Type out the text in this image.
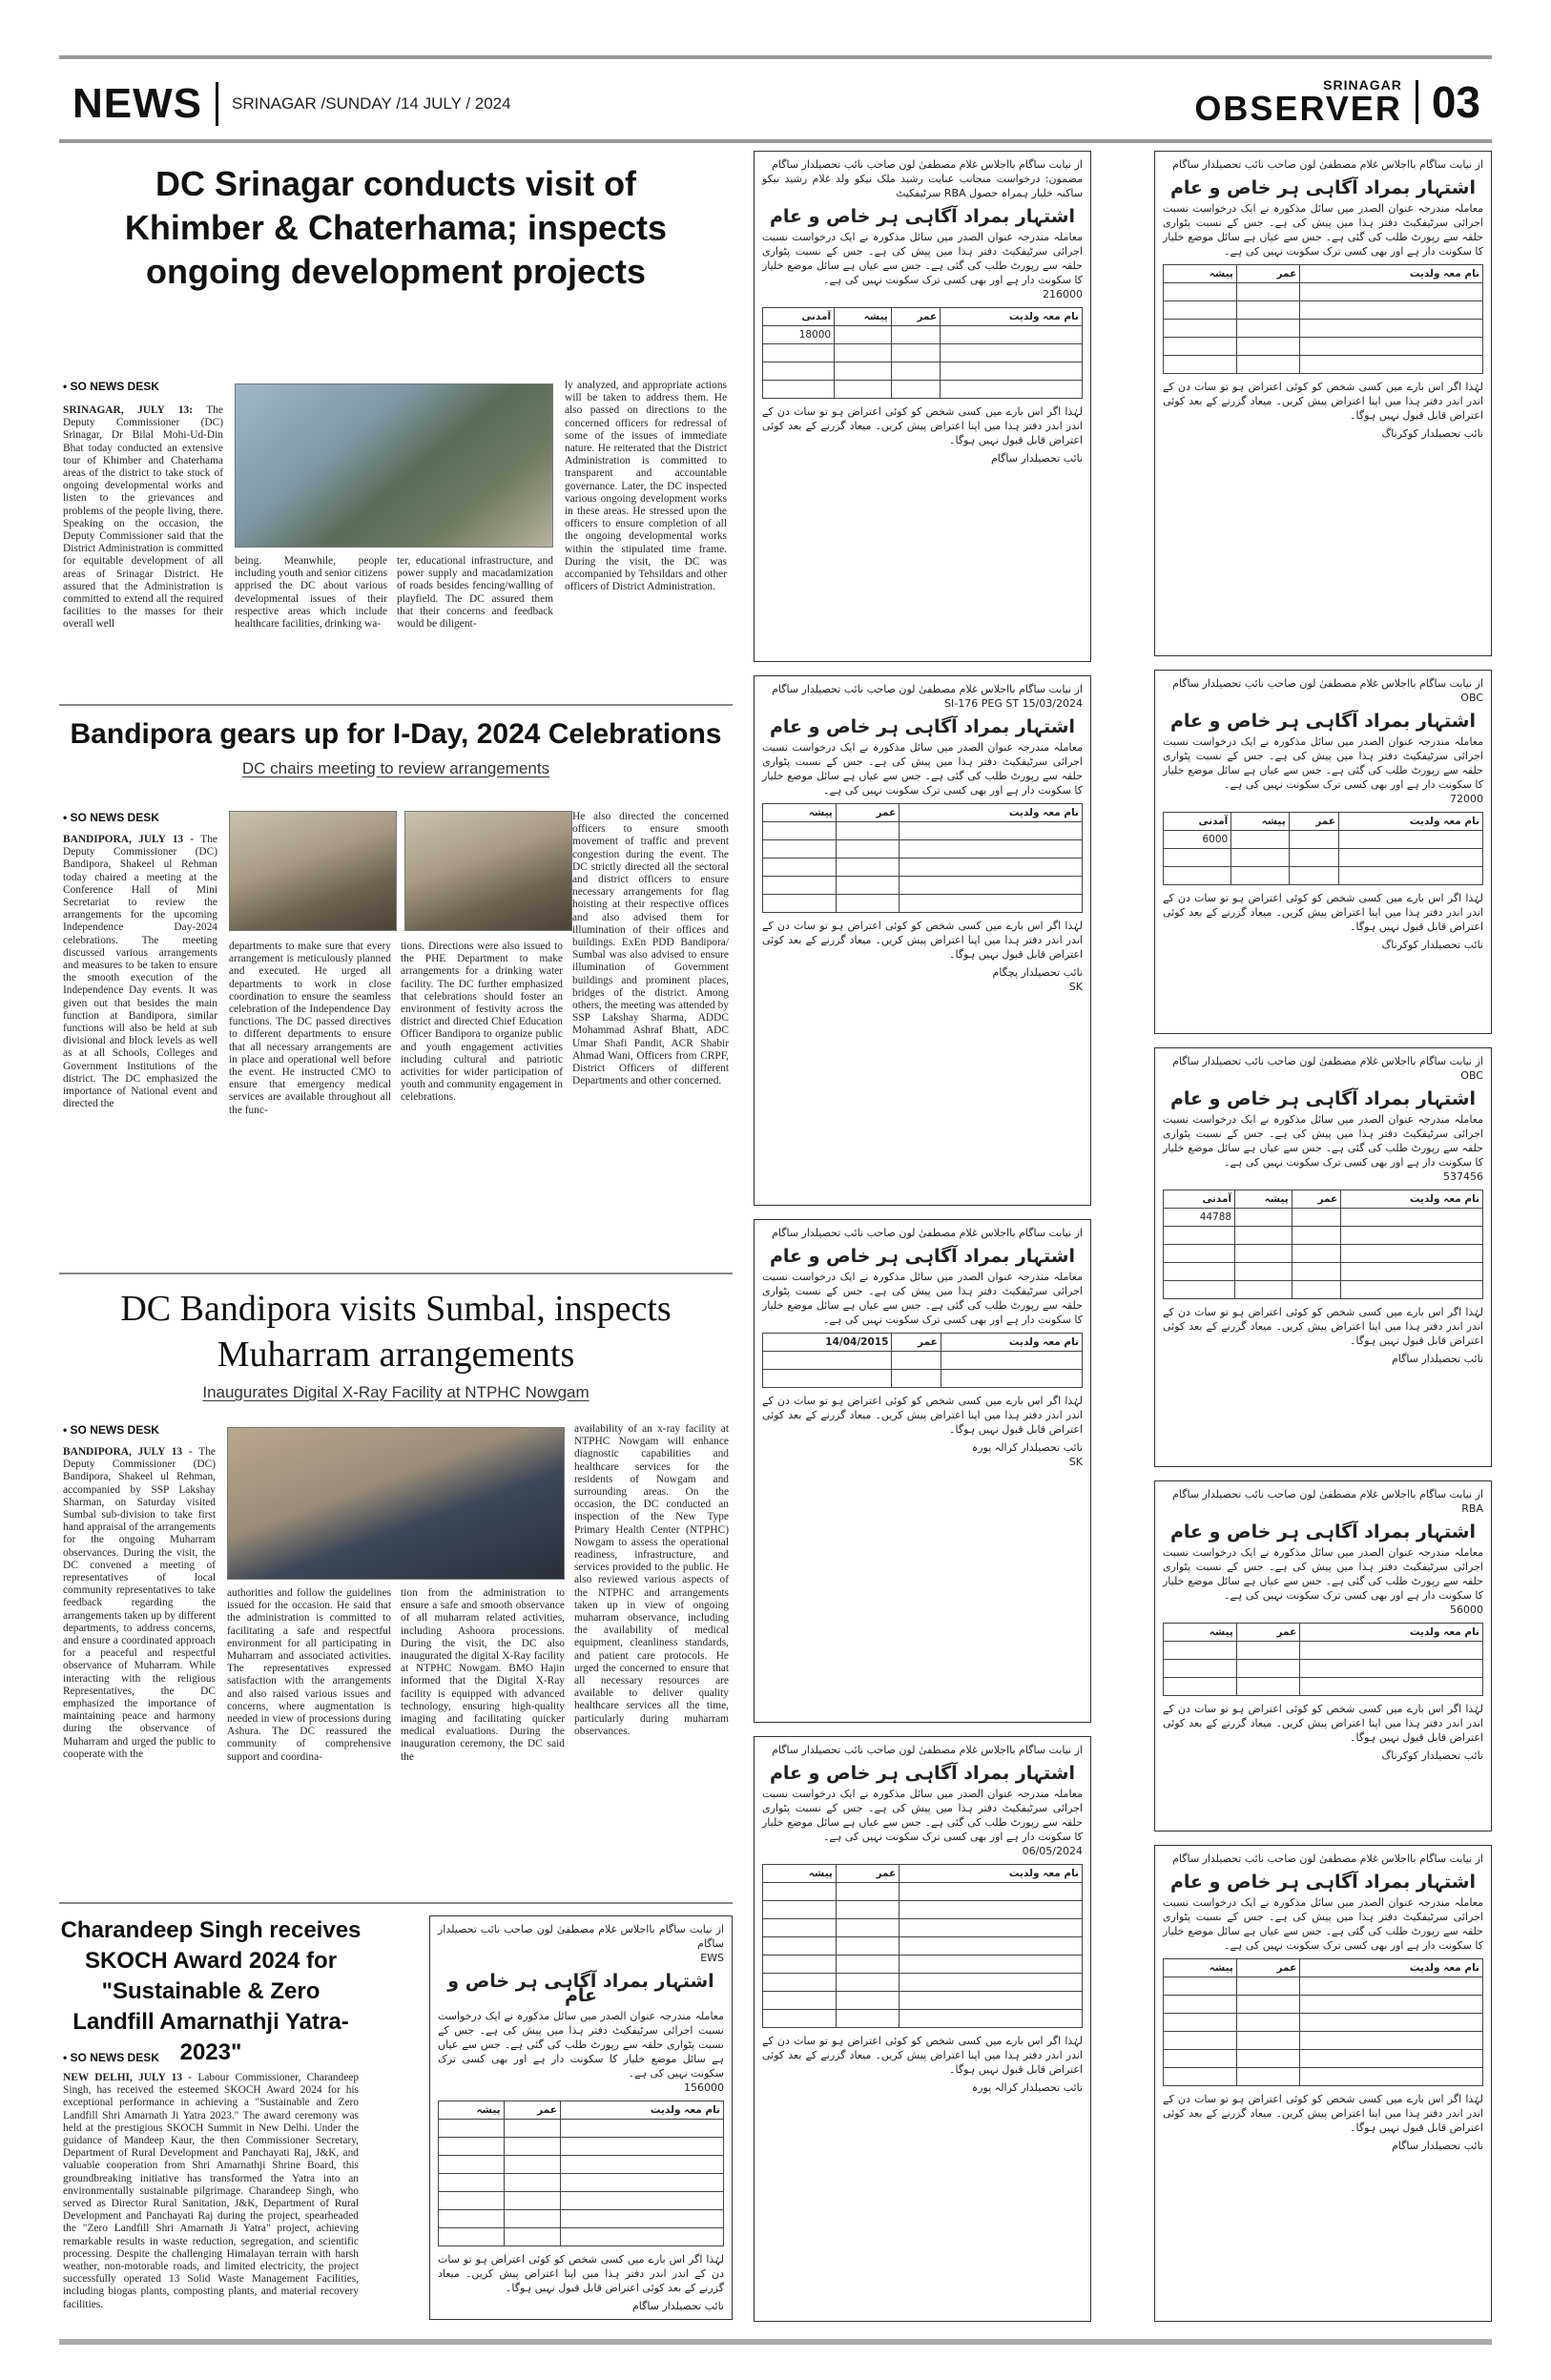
NEWS SRINAGAR /SUNDAY /14 JULY / 2024
SRINAGAR
OBSERVER 03
DC Srinagar conducts visit of Khimber & Chaterhama; inspects ongoing development projects
• SO NEWS DESK
SRINAGAR, JULY 13: The Deputy Commissioner (DC) Srinagar, Dr Bilal Mohi-Ud-Din Bhat today conducted an extensive tour of Khimber and Chaterhama areas of the district to take stock of ongoing developmental works and listen to the grievances and problems of the people living, there. Speaking on the occasion, the Deputy Commissioner said that the District Administration is committed for equitable development of all areas of Srinagar District. He assured that the Administration is committed to extend all the required facilities to the masses for their overall well
being. Meanwhile, people including youth and senior citizens apprised the DC about various developmental issues of their respective areas which include healthcare facilities, drinking wa-
ter, educational infrastructure, and power supply and macadamization of roads besides fencing/walling of playfield. The DC assured them that their concerns and feedback would be diligent-
ly analyzed, and appropriate actions will be taken to address them. He also passed on directions to the concerned officers for redressal of some of the issues of immediate nature. He reiterated that the District Administration is committed to transparent and accountable governance. Later, the DC inspected various ongoing development works in these areas. He stressed upon the officers to ensure completion of all the ongoing developmental works within the stipulated time frame. During the visit, the DC was accompanied by Tehsildars and other officers of District Administration.
Bandipora gears up for I-Day, 2024 Celebrations
DC chairs meeting to review arrangements
• SO NEWS DESK
BANDIPORA, JULY 13 - The Deputy Commissioner (DC) Bandipora, Shakeel ul Rehman today chaired a meeting at the Conference Hall of Mini Secretariat to review the arrangements for the upcoming Independence Day-2024 celebrations. The meeting discussed various arrangements and measures to be taken to ensure the smooth execution of the Independence Day events. It was given out that besides the main function at Bandipora, similar functions will also be held at sub divisional and block levels as well as at all Schools, Colleges and Government Institutions of the district. The DC emphasized the importance of National event and directed the
departments to make sure that every arrangement is meticulously planned and executed. He urged all departments to work in close coordination to ensure the seamless celebration of the Independence Day functions. The DC passed directives to different departments to ensure that all necessary arrangements are in place and operational well before the event. He instructed CMO to ensure that emergency medical services are available throughout all the func-
tions. Directions were also issued to the PHE Department to make arrangements for a drinking water facility. The DC further emphasized that celebrations should foster an environment of festivity across the district and directed Chief Education Officer Bandipora to organize public and youth engagement activities including cultural and patriotic activities for wider participation of youth and community engagement in celebrations.
He also directed the concerned officers to ensure smooth movement of traffic and prevent congestion during the event. The DC strictly directed all the sectoral and district officers to ensure necessary arrangements for flag hoisting at their respective offices and also advised them for illumination of their offices and buildings. ExEn PDD Bandipora/ Sumbal was also advised to ensure illumination of Government buildings and prominent places, bridges of the district. Among others, the meeting was attended by SSP Lakshay Sharma, ADDC Mohammad Ashraf Bhatt, ADC Umar Shafi Pandit, ACR Shabir Ahmad Wani, Officers from CRPF, District Officers of different Departments and other concerned.
DC Bandipora visits Sumbal, inspects Muharram arrangements
Inaugurates Digital X-Ray Facility at NTPHC Nowgam
• SO NEWS DESK
BANDIPORA, JULY 13 - The Deputy Commissioner (DC) Bandipora, Shakeel ul Rehman, accompanied by SSP Lakshay Sharman, on Saturday visited Sumbal sub-division to take first hand appraisal of the arrangements for the ongoing Muharram observances. During the visit, the DC convened a meeting of representatives of local community representatives to take feedback regarding the arrangements taken up by different departments, to address concerns, and ensure a coordinated approach for a peaceful and respectful observance of Muharram. While interacting with the religious Representatives, the DC emphasized the importance of maintaining peace and harmony during the observance of Muharram and urged the public to cooperate with the
authorities and follow the guidelines issued for the occasion. He said that the administration is committed to facilitating a safe and respectful environment for all participating in Muharram and associated activities. The representatives expressed satisfaction with the arrangements and also raised various issues and concerns, where augmentation is needed in view of processions during Ashura. The DC reassured the community of comprehensive support and coordina-
tion from the administration to ensure a safe and smooth observance of all muharram related activities, including Ashoora processions. During the visit, the DC also inaugurated the digital X-Ray facility at NTPHC Nowgam. BMO Hajin informed that the Digital X-Ray facility is equipped with advanced technology, ensuring high-quality imaging and facilitating quicker medical evaluations. During the inauguration ceremony, the DC said the
availability of an x-ray facility at NTPHC Nowgam will enhance diagnostic capabilities and healthcare services for the residents of Nowgam and surrounding areas. On the occasion, the DC conducted an inspection of the New Type Primary Health Center (NTPHC) Nowgam to assess the operational readiness, infrastructure, and services provided to the public. He also reviewed various aspects of the NTPHC and arrangements taken up in view of ongoing muharram observance, including the availability of medical equipment, cleanliness standards, and patient care protocols. He urged the concerned to ensure that all necessary resources are available to deliver quality healthcare services all the time, particularly during muharram observances.
Charandeep Singh receives SKOCH Award 2024 for "Sustainable & Zero Landfill Amarnathji Yatra-2023"
• SO NEWS DESK
NEW DELHI, JULY 13 - Labour Commissioner, Charandeep Singh, has received the esteemed SKOCH Award 2024 for his exceptional performance in achieving a "Sustainable and Zero Landfill Shri Amarnath Ji Yatra 2023." The award ceremony was held at the prestigious SKOCH Summit in New Delhi. Under the guidance of Mandeep Kaur, the then Commissioner Secretary, Department of Rural Development and Panchayati Raj, J&K, and valuable cooperation from Shri Amarnathji Shrine Board, this groundbreaking initiative has transformed the Yatra into an environmentally sustainable pilgrimage. Charandeep Singh, who served as Director Rural Sanitation, J&K, Department of Rural Development and Panchayati Raj during the project, spearheaded the "Zero Landfill Shri Amarnath Ji Yatra" project, achieving remarkable results in waste reduction, segregation, and scientific processing. Despite the challenging Himalayan terrain with harsh weather, non-motorable roads, and limited electricity, the project successfully operated 13 Solid Waste Management Facilities, including biogas plants, composting plants, and material recovery facilities.
از نیابت ساگام بااجلاس غلام مصطفیٰ لون صاحب نائب تحصیلدار ساگام
EWS
اشتہار بمراد آگاہی ہر خاص و عام
معاملہ مندرجہ عنوان الصدر میں سائل مذکورہ نے ایک درخواست نسبت اجرائی سرٹیفکیٹ دفتر ہذا میں پیش کی ہے۔ جس کے نسبت پٹواری حلقہ سے رپورٹ طلب کی گئی ہے۔ جس سے عیاں ہے سائل موضع خلیار کا سکونت دار ہے اور بھی کسی ترک سکونت نہیں کی ہے۔
156000
نام معہ ولدیت	عمر	پیشہ

لہٰذا اگر اس بارے میں کسی شخص کو کوئی اعتراض ہو تو سات دن کے اندر اندر دفتر ہذا میں اپنا اعتراض پیش کریں۔ میعاد گزرنے کے بعد کوئی اعتراض قابل قبول نہیں ہوگا۔
نائب تحصیلدار ساگام
از نیابت ساگام بااجلاس غلام مصطفیٰ لون صاحب نائب تحصیلدار ساگام
مضمون: درخواست منجانب عنایت رشید ملک نیکو ولد غلام رشید نیکو ساکنہ خلیار ہمراہ حصول RBA سرٹیفکیٹ
اشتہار بمراد آگاہی ہر خاص و عام
معاملہ مندرجہ عنوان الصدر میں سائل مذکورہ نے ایک درخواست نسبت اجرائی سرٹیفکیٹ دفتر ہذا میں پیش کی ہے۔ جس کے نسبت پٹواری حلقہ سے رپورٹ طلب کی گئی ہے۔ جس سے عیاں ہے سائل موضع خلیار کا سکونت دار ہے اور بھی کسی ترک سکونت نہیں کی ہے۔
216000
نام معہ ولدیت	عمر	پیشہ	آمدنی
			18000

لہٰذا اگر اس بارے میں کسی شخص کو کوئی اعتراض ہو تو سات دن کے اندر اندر دفتر ہذا میں اپنا اعتراض پیش کریں۔ میعاد گزرنے کے بعد کوئی اعتراض قابل قبول نہیں ہوگا۔
نائب تحصیلدار ساگام
از نیابت ساگام بااجلاس غلام مصطفیٰ لون صاحب نائب تحصیلدار ساگام
SI-176 PEG ST 15/03/2024
اشتہار بمراد آگاہی ہر خاص و عام
معاملہ مندرجہ عنوان الصدر میں سائل مذکورہ نے ایک درخواست نسبت اجرائی سرٹیفکیٹ دفتر ہذا میں پیش کی ہے۔ جس کے نسبت پٹواری حلقہ سے رپورٹ طلب کی گئی ہے۔ جس سے عیاں ہے سائل موضع خلیار کا سکونت دار ہے اور بھی کسی ترک سکونت نہیں کی ہے۔
نام معہ ولدیت	عمر	پیشہ

لہٰذا اگر اس بارے میں کسی شخص کو کوئی اعتراض ہو تو سات دن کے اندر اندر دفتر ہذا میں اپنا اعتراض پیش کریں۔ میعاد گزرنے کے بعد کوئی اعتراض قابل قبول نہیں ہوگا۔
نائب تحصیلدار پچگام
SK
از نیابت ساگام بااجلاس غلام مصطفیٰ لون صاحب نائب تحصیلدار ساگام
اشتہار بمراد آگاہی ہر خاص و عام
معاملہ مندرجہ عنوان الصدر میں سائل مذکورہ نے ایک درخواست نسبت اجرائی سرٹیفکیٹ دفتر ہذا میں پیش کی ہے۔ جس کے نسبت پٹواری حلقہ سے رپورٹ طلب کی گئی ہے۔ جس سے عیاں ہے سائل موضع خلیار کا سکونت دار ہے اور بھی کسی ترک سکونت نہیں کی ہے۔
نام معہ ولدیت	عمر	14/04/2015

لہٰذا اگر اس بارے میں کسی شخص کو کوئی اعتراض ہو تو سات دن کے اندر اندر دفتر ہذا میں اپنا اعتراض پیش کریں۔ میعاد گزرنے کے بعد کوئی اعتراض قابل قبول نہیں ہوگا۔
نائب تحصیلدار کرالہ پورہ
SK
از نیابت ساگام بااجلاس غلام مصطفیٰ لون صاحب نائب تحصیلدار ساگام
اشتہار بمراد آگاہی ہر خاص و عام
معاملہ مندرجہ عنوان الصدر میں سائل مذکورہ نے ایک درخواست نسبت اجرائی سرٹیفکیٹ دفتر ہذا میں پیش کی ہے۔ جس کے نسبت پٹواری حلقہ سے رپورٹ طلب کی گئی ہے۔ جس سے عیاں ہے سائل موضع خلیار کا سکونت دار ہے اور بھی کسی ترک سکونت نہیں کی ہے۔
06/05/2024
نام معہ ولدیت	عمر	پیشہ

لہٰذا اگر اس بارے میں کسی شخص کو کوئی اعتراض ہو تو سات دن کے اندر اندر دفتر ہذا میں اپنا اعتراض پیش کریں۔ میعاد گزرنے کے بعد کوئی اعتراض قابل قبول نہیں ہوگا۔
نائب تحصیلدار کرالہ پورہ
از نیابت ساگام بااجلاس غلام مصطفیٰ لون صاحب نائب تحصیلدار ساگام
اشتہار بمراد آگاہی ہر خاص و عام
معاملہ مندرجہ عنوان الصدر میں سائل مذکورہ نے ایک درخواست نسبت اجرائی سرٹیفکیٹ دفتر ہذا میں پیش کی ہے۔ جس کے نسبت پٹواری حلقہ سے رپورٹ طلب کی گئی ہے۔ جس سے عیاں ہے سائل موضع خلیار کا سکونت دار ہے اور بھی کسی ترک سکونت نہیں کی ہے۔
نام معہ ولدیت	عمر	پیشہ

لہٰذا اگر اس بارے میں کسی شخص کو کوئی اعتراض ہو تو سات دن کے اندر اندر دفتر ہذا میں اپنا اعتراض پیش کریں۔ میعاد گزرنے کے بعد کوئی اعتراض قابل قبول نہیں ہوگا۔
نائب تحصیلدار کوکرناگ
از نیابت ساگام بااجلاس غلام مصطفیٰ لون صاحب نائب تحصیلدار ساگام
OBC
اشتہار بمراد آگاہی ہر خاص و عام
معاملہ مندرجہ عنوان الصدر میں سائل مذکورہ نے ایک درخواست نسبت اجرائی سرٹیفکیٹ دفتر ہذا میں پیش کی ہے۔ جس کے نسبت پٹواری حلقہ سے رپورٹ طلب کی گئی ہے۔ جس سے عیاں ہے سائل موضع خلیار کا سکونت دار ہے اور بھی کسی ترک سکونت نہیں کی ہے۔
72000
نام معہ ولدیت	عمر	پیشہ	آمدنی
			6000

لہٰذا اگر اس بارے میں کسی شخص کو کوئی اعتراض ہو تو سات دن کے اندر اندر دفتر ہذا میں اپنا اعتراض پیش کریں۔ میعاد گزرنے کے بعد کوئی اعتراض قابل قبول نہیں ہوگا۔
نائب تحصیلدار کوکرناگ
از نیابت ساگام بااجلاس غلام مصطفیٰ لون صاحب نائب تحصیلدار ساگام
OBC
اشتہار بمراد آگاہی ہر خاص و عام
معاملہ مندرجہ عنوان الصدر میں سائل مذکورہ نے ایک درخواست نسبت اجرائی سرٹیفکیٹ دفتر ہذا میں پیش کی ہے۔ جس کے نسبت پٹواری حلقہ سے رپورٹ طلب کی گئی ہے۔ جس سے عیاں ہے سائل موضع خلیار کا سکونت دار ہے اور بھی کسی ترک سکونت نہیں کی ہے۔
537456
نام معہ ولدیت	عمر	پیشہ	آمدنی
			44788

لہٰذا اگر اس بارے میں کسی شخص کو کوئی اعتراض ہو تو سات دن کے اندر اندر دفتر ہذا میں اپنا اعتراض پیش کریں۔ میعاد گزرنے کے بعد کوئی اعتراض قابل قبول نہیں ہوگا۔
نائب تحصیلدار ساگام
از نیابت ساگام بااجلاس غلام مصطفیٰ لون صاحب نائب تحصیلدار ساگام
RBA
اشتہار بمراد آگاہی ہر خاص و عام
معاملہ مندرجہ عنوان الصدر میں سائل مذکورہ نے ایک درخواست نسبت اجرائی سرٹیفکیٹ دفتر ہذا میں پیش کی ہے۔ جس کے نسبت پٹواری حلقہ سے رپورٹ طلب کی گئی ہے۔ جس سے عیاں ہے سائل موضع خلیار کا سکونت دار ہے اور بھی کسی ترک سکونت نہیں کی ہے۔
56000
نام معہ ولدیت	عمر	پیشہ

لہٰذا اگر اس بارے میں کسی شخص کو کوئی اعتراض ہو تو سات دن کے اندر اندر دفتر ہذا میں اپنا اعتراض پیش کریں۔ میعاد گزرنے کے بعد کوئی اعتراض قابل قبول نہیں ہوگا۔
نائب تحصیلدار کوکرناگ
از نیابت ساگام بااجلاس غلام مصطفیٰ لون صاحب نائب تحصیلدار ساگام
اشتہار بمراد آگاہی ہر خاص و عام
معاملہ مندرجہ عنوان الصدر میں سائل مذکورہ نے ایک درخواست نسبت اجرائی سرٹیفکیٹ دفتر ہذا میں پیش کی ہے۔ جس کے نسبت پٹواری حلقہ سے رپورٹ طلب کی گئی ہے۔ جس سے عیاں ہے سائل موضع خلیار کا سکونت دار ہے اور بھی کسی ترک سکونت نہیں کی ہے۔
نام معہ ولدیت	عمر	پیشہ

لہٰذا اگر اس بارے میں کسی شخص کو کوئی اعتراض ہو تو سات دن کے اندر اندر دفتر ہذا میں اپنا اعتراض پیش کریں۔ میعاد گزرنے کے بعد کوئی اعتراض قابل قبول نہیں ہوگا۔
نائب تحصیلدار ساگام
